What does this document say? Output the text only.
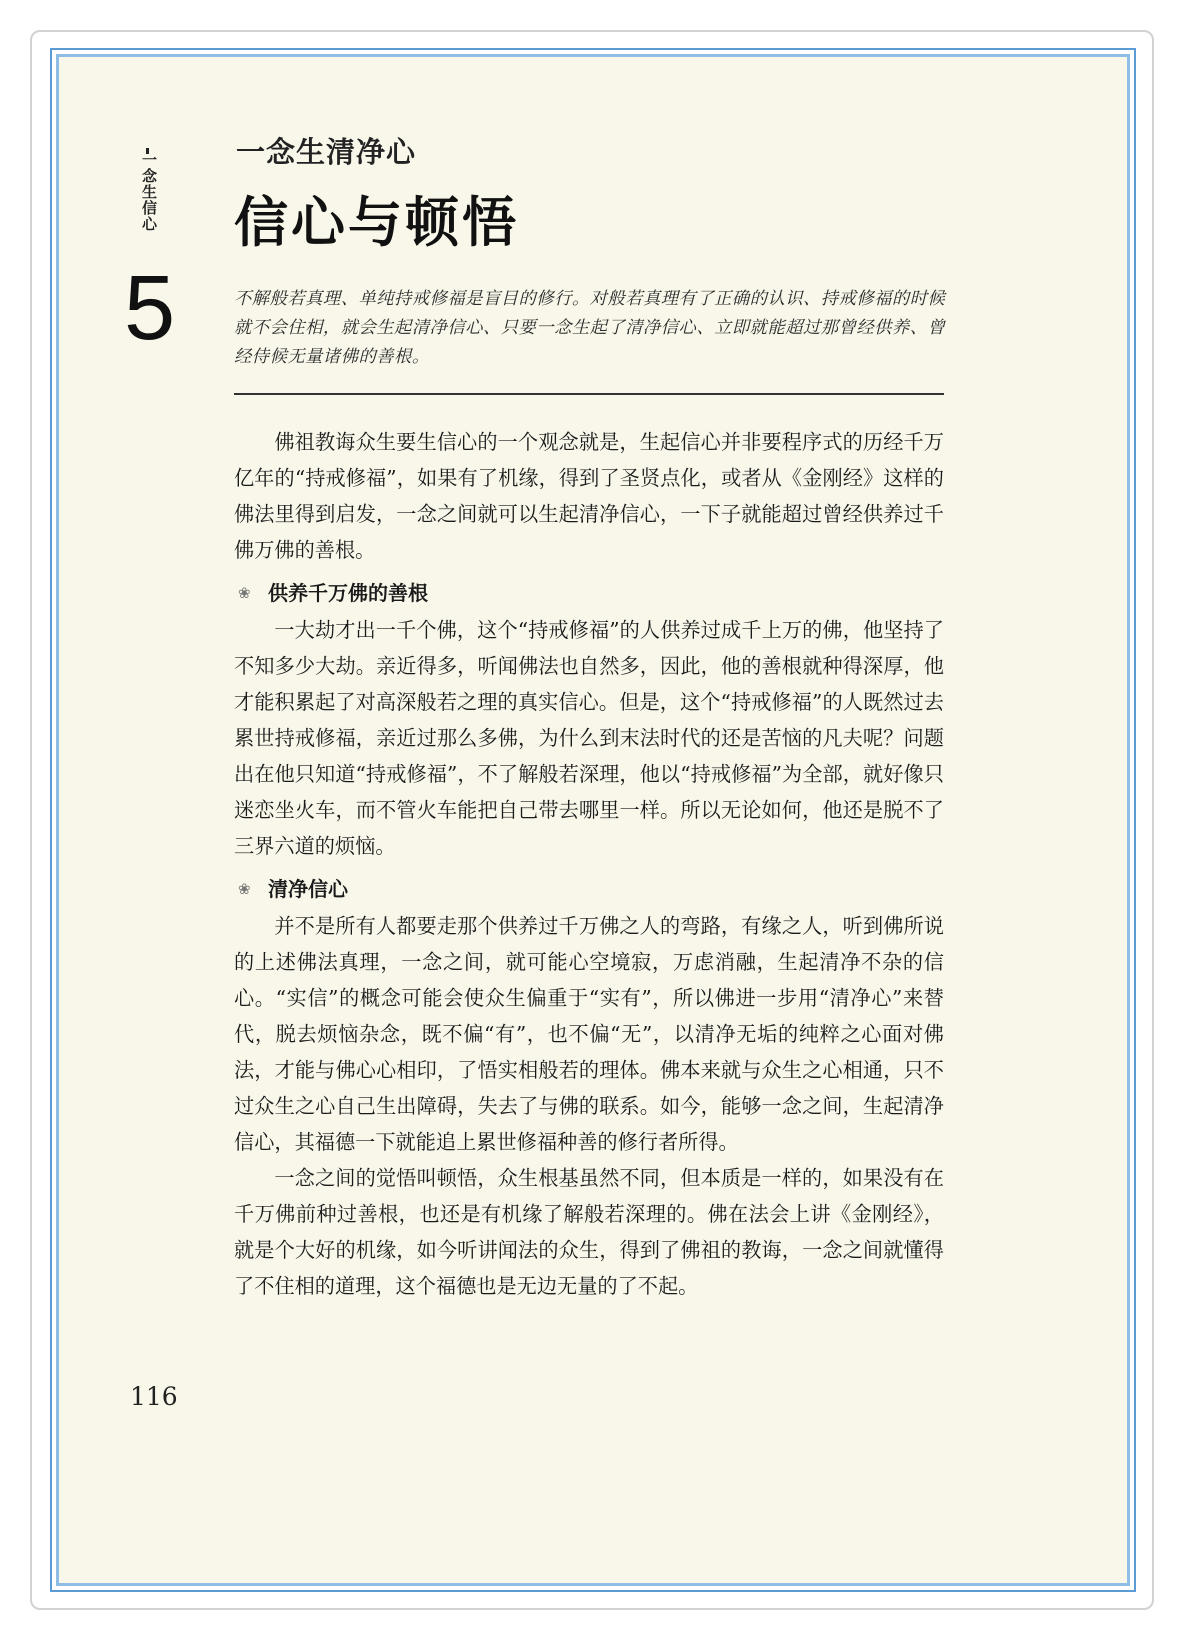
一念生信心
5
一念生清净心
信心与顿悟
不解般若真理、单纯持戒修福是盲目的修行。对般若真理有了正确的认识、持戒修福的时候就不会住相，就会生起清净信心、只要一念生起了清净信心、立即就能超过那曾经供养、曾经侍候无量诸佛的善根。

佛祖教诲众生要生信心的一个观念就是，生起信心并非要程序式的历经千万亿年的“持戒修福”，如果有了机缘，得到了圣贤点化，或者从《金刚经》这样的佛法里得到启发，一念之间就可以生起清净信心，一下子就能超过曾经供养过千佛万佛的善根。

❀ 供养千万佛的善根

一大劫才出一千个佛，这个“持戒修福”的人供养过成千上万的佛，他坚持了不知多少大劫。亲近得多，听闻佛法也自然多，因此，他的善根就种得深厚，他才能积累起了对高深般若之理的真实信心。但是，这个“持戒修福”的人既然过去累世持戒修福，亲近过那么多佛，为什么到末法时代的还是苦恼的凡夫呢？问题出在他只知道“持戒修福”，不了解般若深理，他以“持戒修福”为全部，就好像只迷恋坐火车，而不管火车能把自己带去哪里一样。所以无论如何，他还是脱不了三界六道的烦恼。

❀ 清净信心

并不是所有人都要走那个供养过千万佛之人的弯路，有缘之人，听到佛所说的上述佛法真理，一念之间，就可能心空境寂，万虑消融，生起清净不杂的信心。“实信”的概念可能会使众生偏重于“实有”，所以佛进一步用“清净心”来替代，脱去烦恼杂念，既不偏“有”，也不偏“无”，以清净无垢的纯粹之心面对佛法，才能与佛心心相印，了悟实相般若的理体。佛本来就与众生之心相通，只不过众生之心自己生出障碍，失去了与佛的联系。如今，能够一念之间，生起清净信心，其福德一下就能追上累世修福种善的修行者所得。

一念之间的觉悟叫顿悟，众生根基虽然不同，但本质是一样的，如果没有在千万佛前种过善根，也还是有机缘了解般若深理的。佛在法会上讲《金刚经》，就是个大好的机缘，如今听讲闻法的众生，得到了佛祖的教诲，一念之间就懂得了不住相的道理，这个福德也是无边无量的了不起。

116
